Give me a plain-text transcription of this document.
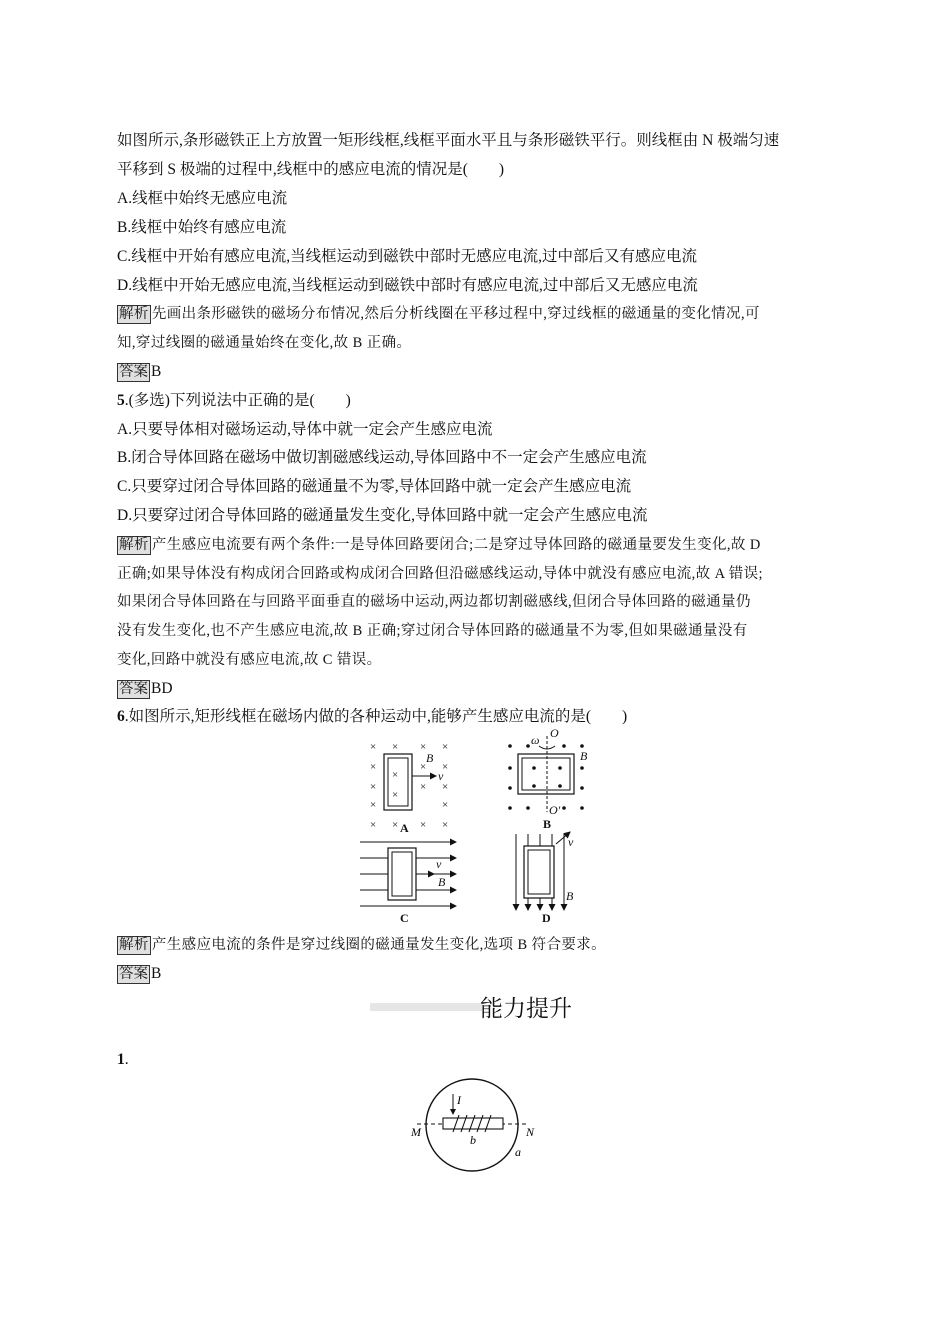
如图所示,条形磁铁正上方放置一矩形线框,线框平面水平且与条形磁铁平行。则线框由 N 极端匀速
平移到 S 极端的过程中,线框中的感应电流的情况是(　　)
A.线框中始终无感应电流
B.线框中始终有感应电流
C.线框中开始有感应电流,当线框运动到磁铁中部时无感应电流,过中部后又有感应电流
D.线框中开始无感应电流,当线框运动到磁铁中部时有感应电流,过中部后又无感应电流
解析 先画出条形磁铁的磁场分布情况,然后分析线圈在平移过程中,穿过线框的磁通量的变化情况,可
知,穿过线圈的磁通量始终在变化,故 B 正确。
答案 B
5.(多选)下列说法中正确的是(　　)
A.只要导体相对磁场运动,导体中就一定会产生感应电流
B.闭合导体回路在磁场中做切割磁感线运动,导体回路中不一定会产生感应电流
C.只要穿过闭合导体回路的磁通量不为零,导体回路中就一定会产生感应电流
D.只要穿过闭合导体回路的磁通量发生变化,导体回路中就一定会产生感应电流
解析 产生感应电流要有两个条件:一是导体回路要闭合;二是穿过导体回路的磁通量要发生变化,故 D
正确;如果导体没有构成闭合回路或构成闭合回路但沿磁感线运动,导体中就没有感应电流,故 A 错误;
如果闭合导体回路在与回路平面垂直的磁场中运动,两边都切割磁感线,但闭合导体回路的磁通量仍
没有发生变化,也不产生感应电流,故 B 正确;穿过闭合导体回路的磁通量不为零,但如果磁通量没有
变化,回路中就没有感应电流,故 C 错误。
答案 BD
6.如图所示,矩形线框在磁场内做的各种运动中,能够产生感应电流的是(　　)
× × × ×
×	× ×
×	× ×
×	×
× × × ×
×
×
B
v
A
ω O
B
O′
B
v
B
C
v
B
D
解析 产生感应电流的条件是穿过线圈的磁通量发生变化,选项 B 符合要求。
答案 B
能力提升
1.
I
M	N
b
a
